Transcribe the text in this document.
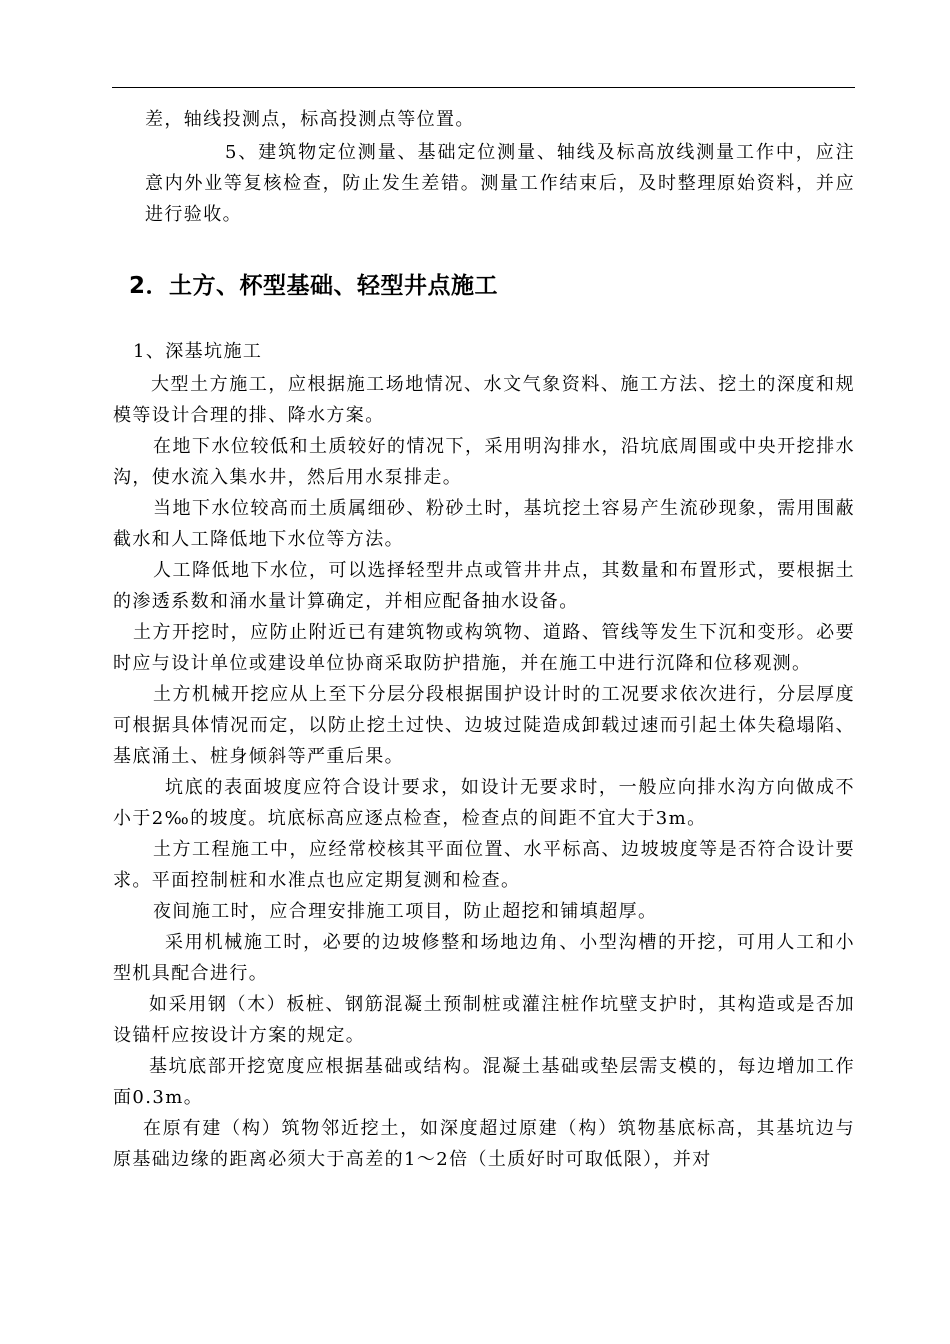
差，轴线投测点，标高投测点等位置。

5、建筑物定位测量、基础定位测量、轴线及标高放线测量工作中，应注意内外业等复核检查，防止发生差错。测量工作结束后，及时整理原始资料，并应进行验收。

2．土方、杯型基础、轻型井点施工

1、深基坑施工

大型土方施工，应根据施工场地情况、水文气象资料、施工方法、挖土的深度和规模等设计合理的排、降水方案。

在地下水位较低和土质较好的情况下，采用明沟排水，沿坑底周围或中央开挖排水沟，使水流入集水井，然后用水泵排走。

当地下水位较高而土质属细砂、粉砂土时，基坑挖土容易产生流砂现象，需用围蔽截水和人工降低地下水位等方法。

人工降低地下水位，可以选择轻型井点或管井井点，其数量和布置形式，要根据土的渗透系数和涌水量计算确定，并相应配备抽水设备。

土方开挖时，应防止附近已有建筑物或构筑物、道路、管线等发生下沉和变形。必要时应与设计单位或建设单位协商采取防护措施，并在施工中进行沉降和位移观测。

土方机械开挖应从上至下分层分段根据围护设计时的工况要求依次进行，分层厚度可根据具体情况而定，以防止挖土过快、边坡过陡造成卸载过速而引起土体失稳塌陷、基底涌土、桩身倾斜等严重后果。

坑底的表面坡度应符合设计要求，如设计无要求时，一般应向排水沟方向做成不小于2‰的坡度。坑底标高应逐点检查，检查点的间距不宜大于3m。

土方工程施工中，应经常校核其平面位置、水平标高、边坡坡度等是否符合设计要求。平面控制桩和水准点也应定期复测和检查。

夜间施工时，应合理安排施工项目，防止超挖和铺填超厚。

采用机械施工时，必要的边坡修整和场地边角、小型沟槽的开挖，可用人工和小型机具配合进行。

如采用钢（木）板桩、钢筋混凝土预制桩或灌注桩作坑壁支护时，其构造或是否加设锚杆应按设计方案的规定。

基坑底部开挖宽度应根据基础或结构。混凝土基础或垫层需支模的，每边增加工作面0.3m。

在原有建（构）筑物邻近挖土，如深度超过原建（构）筑物基底标高，其基坑边与原基础边缘的距离必须大于高差的1～2倍（土质好时可取低限），并对
